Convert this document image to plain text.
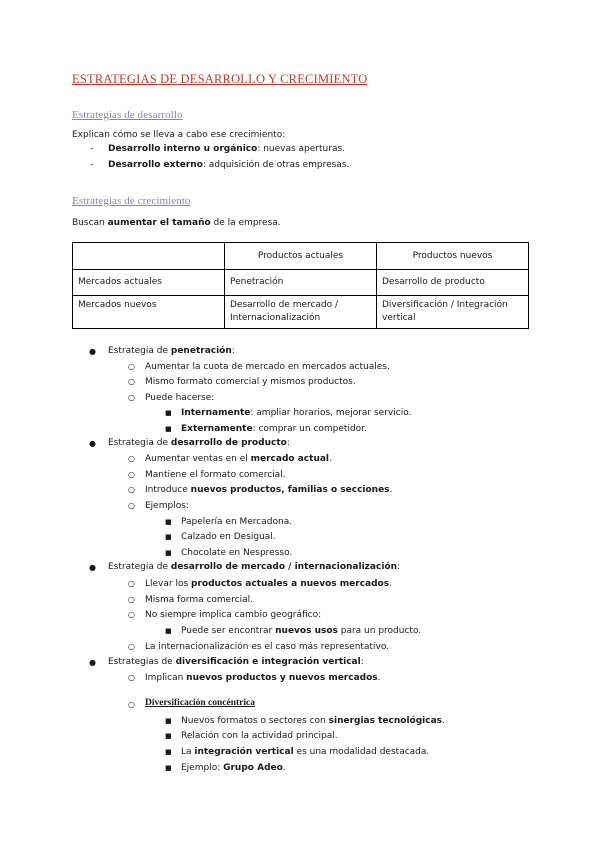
ESTRATEGIAS DE DESARROLLO Y CRECIMIENTO
Estrategias de desarrollo
Explican cómo se lleva a cabo ese crecimiento:
- Desarrollo interno u orgánico: nuevas aperturas.
- Desarrollo externo: adquisición de otras empresas.
Estrategias de crecimiento
Buscan aumentar el tamaño de la empresa.
	Productos actuales	Productos nuevos
Mercados actuales	Penetración	Desarrollo de producto
Mercados nuevos	Desarrollo de mercado / Internacionalización	Diversificación / Integración vertical
● Estrategia de penetración:
○ Aumentar la cuota de mercado en mercados actuales.
○ Mismo formato comercial y mismos productos.
○ Puede hacerse:
■ Internamente: ampliar horarios, mejorar servicio.
■ Externamente: comprar un competidor.
● Estrategia de desarrollo de producto:
○ Aumentar ventas en el mercado actual.
○ Mantiene el formato comercial.
○ Introduce nuevos productos, familias o secciones.
○ Ejemplos:
■ Papelería en Mercadona.
■ Calzado en Desigual.
■ Chocolate en Nespresso.
● Estrategia de desarrollo de mercado / internacionalización:
○ Llevar los productos actuales a nuevos mercados.
○ Misma forma comercial.
○ No siempre implica cambio geográfico:
■ Puede ser encontrar nuevos usos para un producto.
○ La internacionalización es el caso más representativo.
● Estrategias de diversificación e integración vertical:
○ Implican nuevos productos y nuevos mercados.
○ Diversificación concéntrica
■ Nuevos formatos o sectores con sinergias tecnológicas.
■ Relación con la actividad principal.
■ La integración vertical es una modalidad destacada.
■ Ejemplo: Grupo Adeo.
